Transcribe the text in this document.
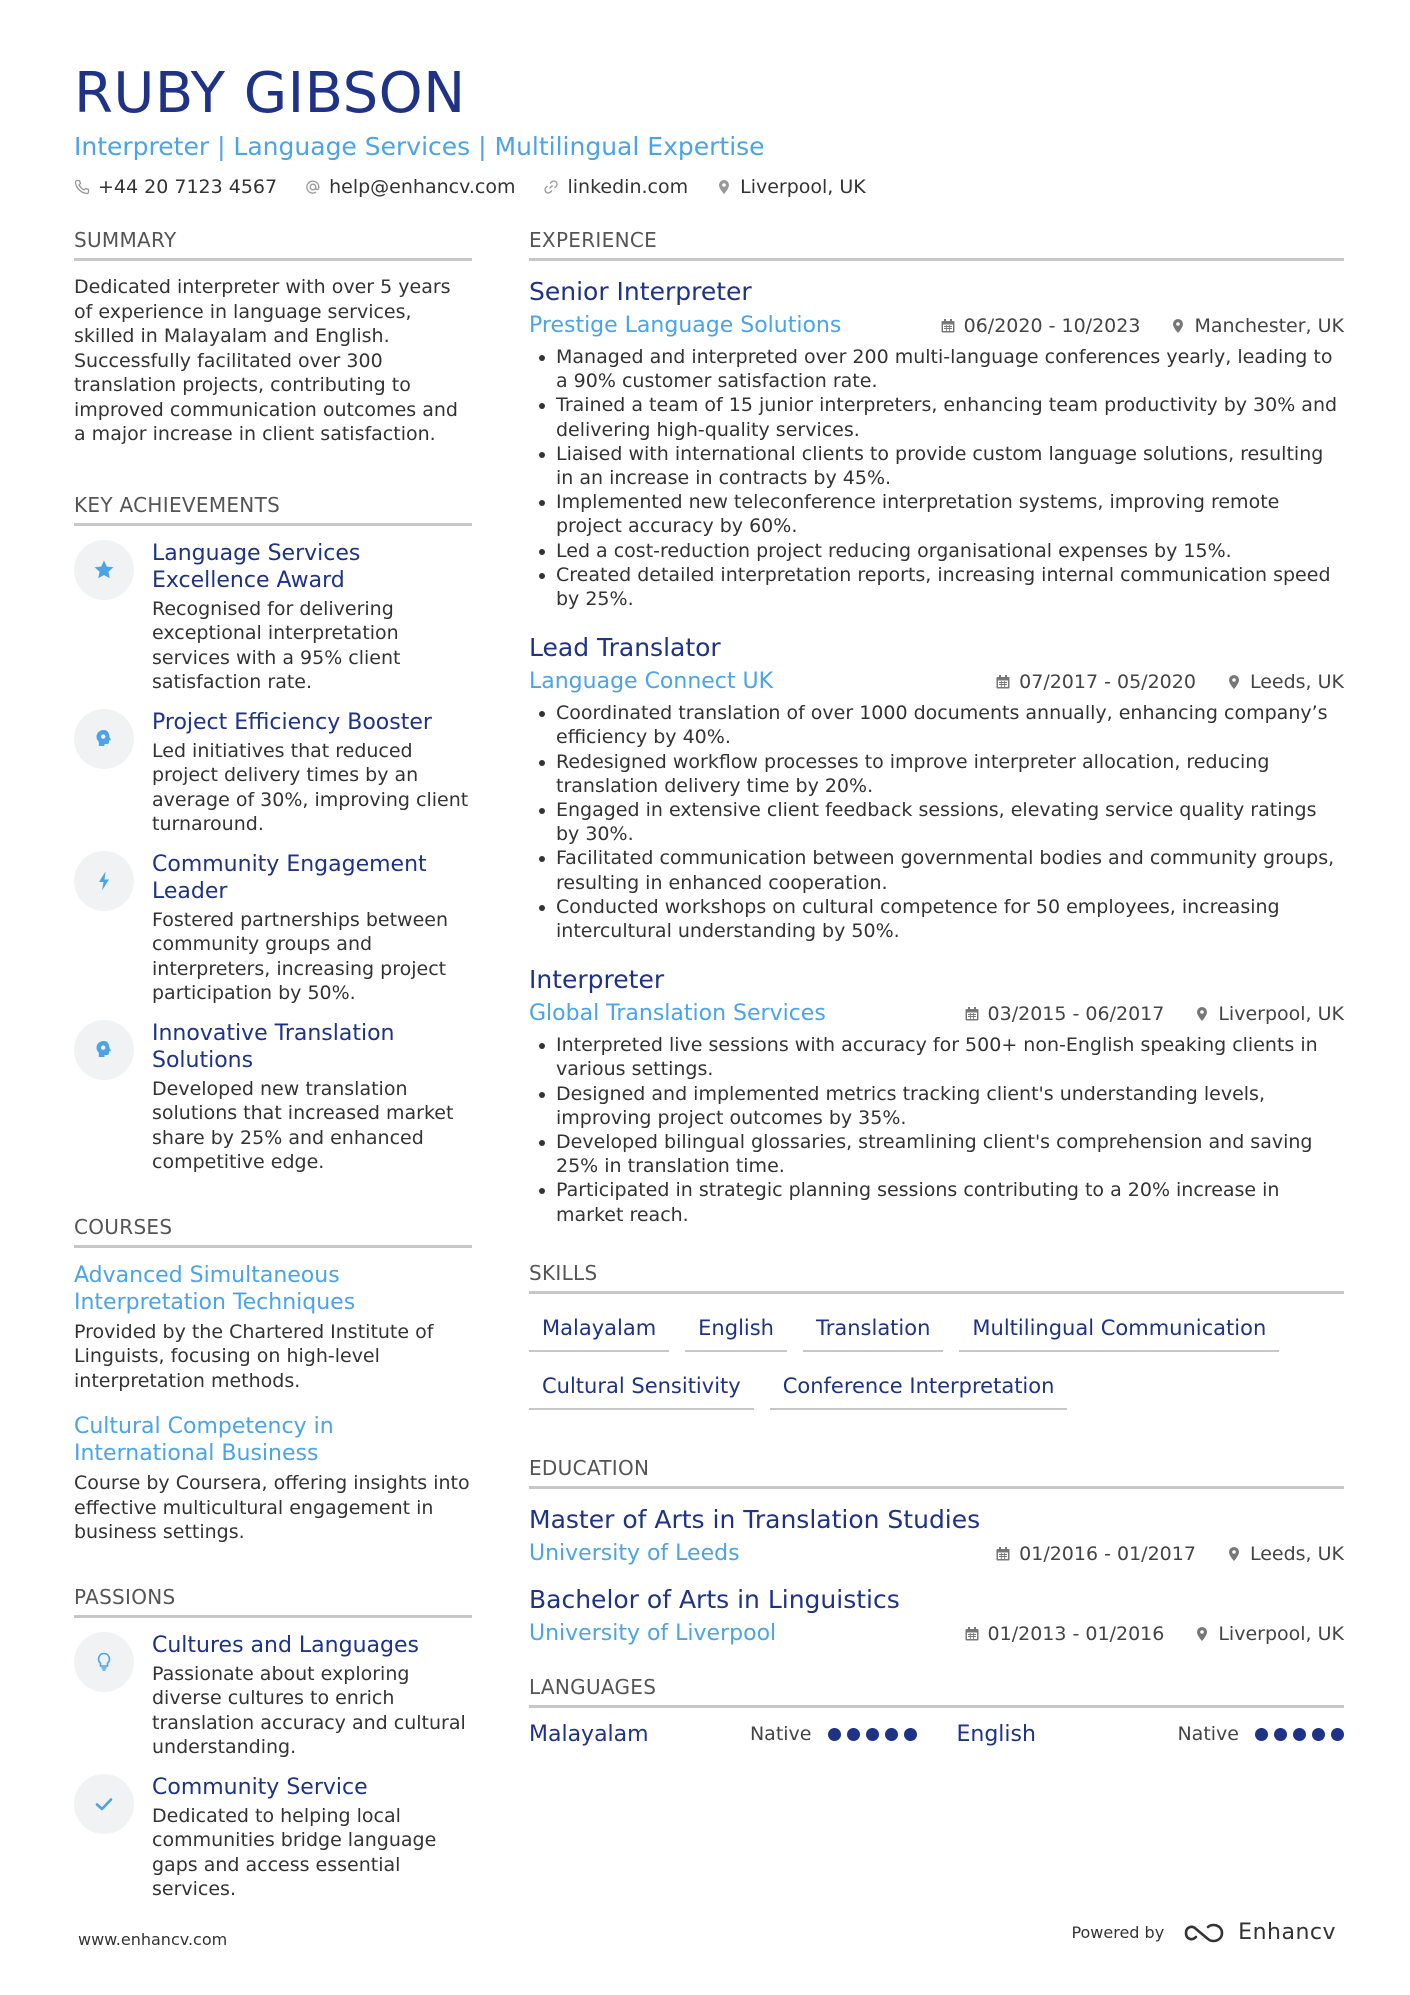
RUBY GIBSON
Interpreter | Language Services | Multilingual Expertise
+44 20 7123 4567	help@enhancv.com	linkedin.com	Liverpool, UK
SUMMARY
Dedicated interpreter with over 5 years of experience in language services, skilled in Malayalam and English. Successfully facilitated over 300 translation projects, contributing to improved communication outcomes and a major increase in client satisfaction.
KEY ACHIEVEMENTS
Language Services Excellence Award
Recognised for delivering exceptional interpretation services with a 95% client satisfaction rate.
Project Efficiency Booster
Led initiatives that reduced project delivery times by an average of 30%, improving client turnaround.
Community Engagement Leader
Fostered partnerships between community groups and interpreters, increasing project participation by 50%.
Innovative Translation Solutions
Developed new translation solutions that increased market share by 25% and enhanced competitive edge.
COURSES
Advanced Simultaneous Interpretation Techniques
Provided by the Chartered Institute of Linguists, focusing on high-level interpretation methods.
Cultural Competency in International Business
Course by Coursera, offering insights into effective multicultural engagement in business settings.
PASSIONS
Cultures and Languages
Passionate about exploring diverse cultures to enrich translation accuracy and cultural understanding.
Community Service
Dedicated to helping local communities bridge language gaps and access essential services.
EXPERIENCE
Senior Interpreter
Prestige Language Solutions	06/2020 - 10/2023	Manchester, UK
Managed and interpreted over 200 multi-language conferences yearly, leading to a 90% customer satisfaction rate.
Trained a team of 15 junior interpreters, enhancing team productivity by 30% and delivering high-quality services.
Liaised with international clients to provide custom language solutions, resulting in an increase in contracts by 45%.
Implemented new teleconference interpretation systems, improving remote project accuracy by 60%.
Led a cost-reduction project reducing organisational expenses by 15%.
Created detailed interpretation reports, increasing internal communication speed by 25%.
Lead Translator
Language Connect UK	07/2017 - 05/2020	Leeds, UK
Coordinated translation of over 1000 documents annually, enhancing company’s efficiency by 40%.
Redesigned workflow processes to improve interpreter allocation, reducing translation delivery time by 20%.
Engaged in extensive client feedback sessions, elevating service quality ratings by 30%.
Facilitated communication between governmental bodies and community groups, resulting in enhanced cooperation.
Conducted workshops on cultural competence for 50 employees, increasing intercultural understanding by 50%.
Interpreter
Global Translation Services	03/2015 - 06/2017	Liverpool, UK
Interpreted live sessions with accuracy for 500+ non-English speaking clients in various settings.
Designed and implemented metrics tracking client's understanding levels, improving project outcomes by 35%.
Developed bilingual glossaries, streamlining client's comprehension and saving 25% in translation time.
Participated in strategic planning sessions contributing to a 20% increase in market reach.
SKILLS
Malayalam	English	Translation	Multilingual Communication
Cultural Sensitivity	Conference Interpretation
EDUCATION
Master of Arts in Translation Studies
University of Leeds	01/2016 - 01/2017	Leeds, UK
Bachelor of Arts in Linguistics
University of Liverpool	01/2013 - 01/2016	Liverpool, UK
LANGUAGES
Malayalam	Native	English	Native
www.enhancv.com	Powered by	Enhancv
